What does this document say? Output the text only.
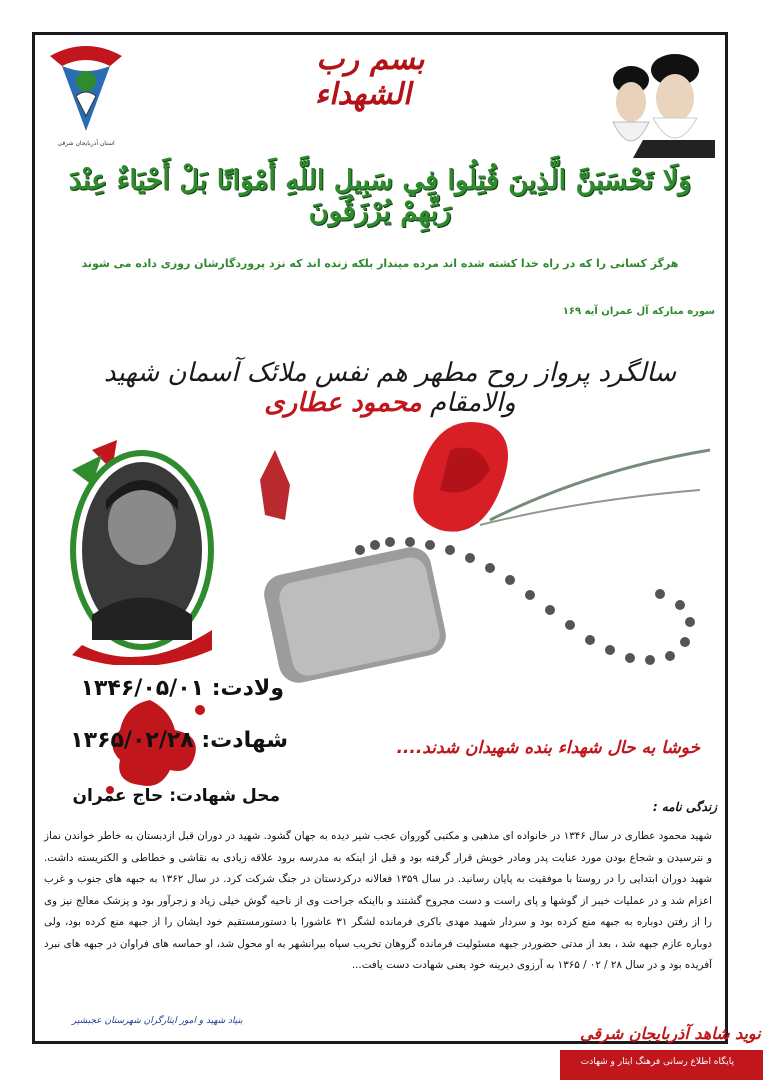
استان آذربایجان شرقی
بسم رب الشهداء
وَلَا تَحْسَبَنَّ الَّذِينَ قُتِلُوا فِي سَبِيلِ اللَّهِ أَمْوَاتًا بَلْ أَحْيَاءٌ عِنْدَ رَبِّهِمْ يُرْزَقُونَ
هرگز کسانی را که در راه خدا کشته شده اند مرده مپندار بلکه زنده اند که نزد پروردگارشان روزی داده می شوند
سوره مبارکه آل عمران آیه ۱۶۹
سالگرد پرواز روح مطهر هم نفس ملائک آسمان شهید والامقام محمود عطاری
ولادت: ۱۳۴۶/۰۵/۰۱
شهادت: ۱۳۶۵/۰۲/۲۸
محل شهادت: حاج عمران
خوشا به حال شهداء بنده شهیدان شدند....
زندگی نامه :
شهید محمود عطاری در سال ۱۳۴۶ در خانواده ای مذهبی و مکتبی گوروان عجب شیر دیده به جهان گشود. شهید در دوران قبل ازدبستان به خاطر خواندن نماز و نترسیدن و شجاع بودن مورد عنایت پدر ومادر خویش قرار گرفته بود و قبل از اینکه به مدرسه برود علاقه زیادی به نقاشی و خطاطی و الکتریسته داشت. شهید دوران ابتدایی را در روستا با موفقیت به پایان رسانید. در سال ۱۳۵۹ فعالانه درکردستان در جنگ شرکت کرد. در سال ۱۳۶۲ به جبهه های جنوب و غرب اعزام شد و در عملیات خیبر از گوشها و پای راست و دست مجروح گشتند و بااینکه جراحت وی از ناحیه گوش خیلی زیاد و زجرآور بود و پزشک معالج نیز وی را از رفتن دوباره به جبهه منع کرده بود و سردار شهید مهدی باکری فرمانده لشگر ۳۱ عاشورا با دستورمستقیم خود ایشان را از جبهه منع کرده بود، ولی دوباره عازم جبهه شد ، بعد از مدتی حضوردر جبهه مسئولیت فرمانده گروهان تخریب سپاه بیرانشهر به او محول شد، او حماسه های فراوان در جبهه های نبرد آفریده بود و در سال ۲۸ / ۰۲ / ۱۳۶۵ به آرزوی دیرینه خود یعنی شهادت دست یافت...
بنیاد شهید و امور ایثارگران شهرستان عجبشیر
نوید شاهد آذربایجان شرقی
پایگاه اطلاع رسانی فرهنگ ایثار و شهادت
